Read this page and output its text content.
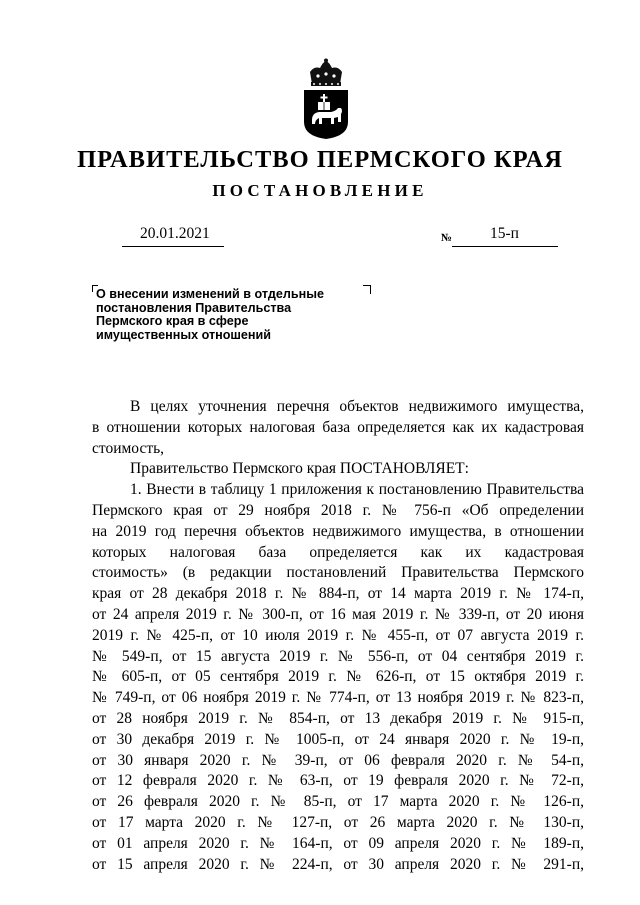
ПРАВИТЕЛЬСТВО ПЕРМСКОГО КРАЯ
ПОСТАНОВЛЕНИЕ
20.01.2021	№ 15-п
О внесении изменений в отдельные
постановления Правительства
Пермского края в сфере
имущественных отношений
В целях уточнения перечня объектов недвижимого имущества,
в отношении которых налоговая база определяется как их кадастровая
стоимость,
Правительство Пермского края ПОСТАНОВЛЯЕТ:
1. Внести в таблицу 1 приложения к постановлению Правительства
Пермского края от 29 ноября 2018 г. № 756-п «Об определении
на 2019 год перечня объектов недвижимого имущества, в отношении
которых налоговая база определяется как их кадастровая
стоимость» (в редакции постановлений Правительства Пермского
края от 28 декабря 2018 г. № 884-п, от 14 марта 2019 г. № 174-п,
от 24 апреля 2019 г. № 300-п, от 16 мая 2019 г. № 339-п, от 20 июня
2019 г. № 425-п, от 10 июля 2019 г. № 455-п, от 07 августа 2019 г.
№ 549-п, от 15 августа 2019 г. № 556-п, от 04 сентября 2019 г.
№ 605-п, от 05 сентября 2019 г. № 626-п, от 15 октября 2019 г.
№ 749-п, от 06 ноября 2019 г. № 774-п, от 13 ноября 2019 г. № 823-п,
от 28 ноября 2019 г. № 854-п, от 13 декабря 2019 г. № 915-п,
от 30 декабря 2019 г. № 1005-п, от 24 января 2020 г. № 19-п,
от 30 января 2020 г. № 39-п, от 06 февраля 2020 г. № 54-п,
от 12 февраля 2020 г. № 63-п, от 19 февраля 2020 г. № 72-п,
от 26 февраля 2020 г. № 85-п, от 17 марта 2020 г. № 126-п,
от 17 марта 2020 г. № 127-п, от 26 марта 2020 г. № 130-п,
от 01 апреля 2020 г. № 164-п, от 09 апреля 2020 г. № 189-п,
от 15 апреля 2020 г. № 224-п, от 30 апреля 2020 г. № 291-п,
